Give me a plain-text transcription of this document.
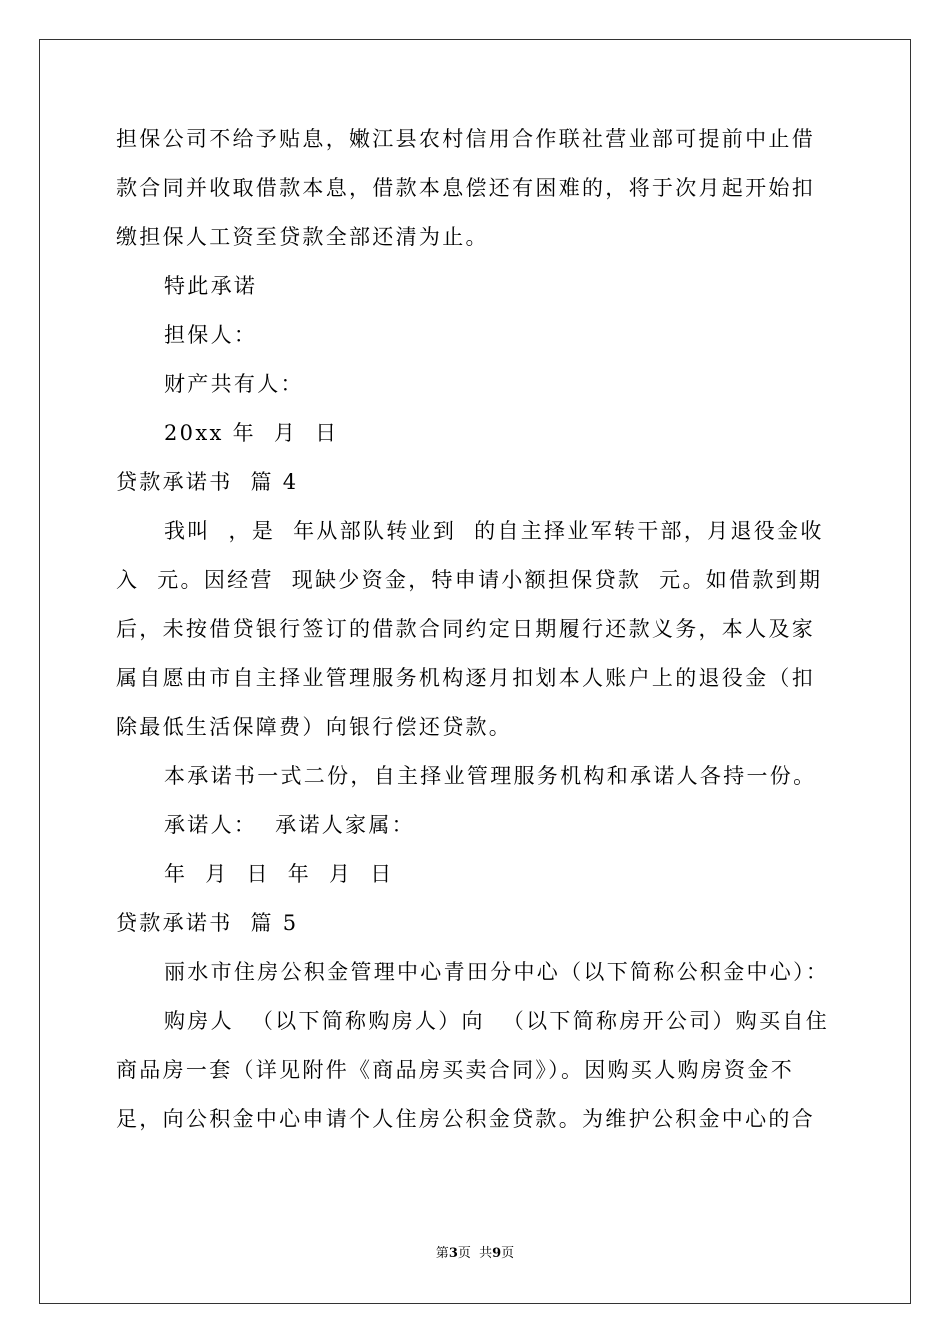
担保公司不给予贴息，嫩江县农村信用合作联社营业部可提前中止借
款合同并收取借款本息，借款本息偿还有困难的，将于次月起开始扣
缴担保人工资至贷款全部还清为止。
特此承诺
担保人：
财产共有人：
20xx 年  月  日
贷款承诺书  篇 4
我叫  ，是  年从部队转业到  的自主择业军转干部，月退役金收
入  元。因经营  现缺少资金，特申请小额担保贷款  元。如借款到期
后，未按借贷银行签订的借款合同约定日期履行还款义务，本人及家
属自愿由市自主择业管理服务机构逐月扣划本人账户上的退役金（扣
除最低生活保障费）向银行偿还贷款。
本承诺书一式二份，自主择业管理服务机构和承诺人各持一份。
承诺人：  承诺人家属：
年  月  日  年  月  日
贷款承诺书  篇 5
丽水市住房公积金管理中心青田分中心（以下简称公积金中心）：
购房人  （以下简称购房人）向  （以下简称房开公司）购买自住
商品房一套（详见附件《商品房买卖合同》）。因购买人购房资金不
足，向公积金中心申请个人住房公积金贷款。为维护公积金中心的合
第3页  共9页
